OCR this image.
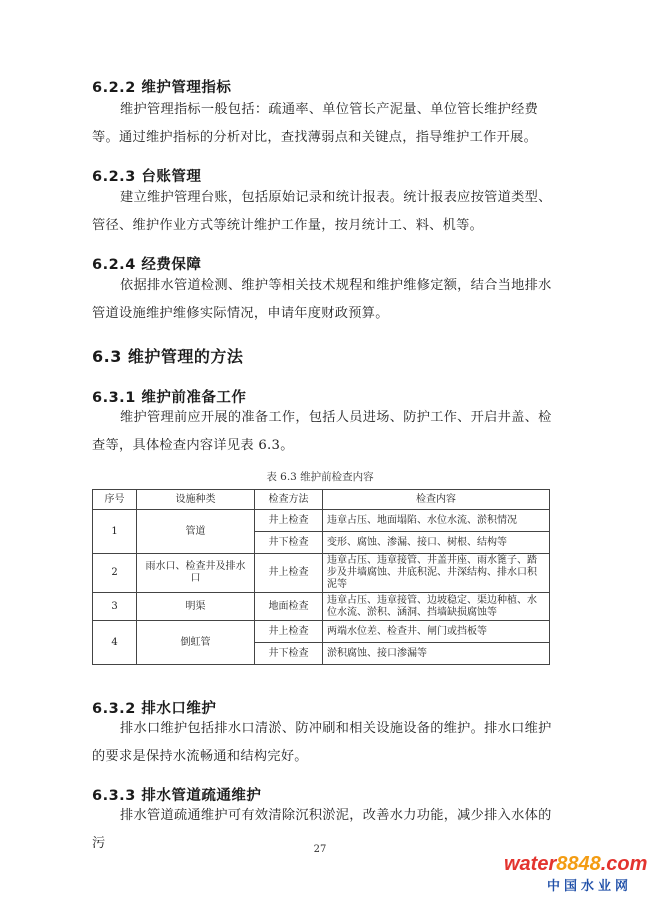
6.2.2 维护管理指标

维护管理指标一般包括：疏通率、单位管长产泥量、单位管长维护经费等。通过维护指标的分析对比，查找薄弱点和关键点，指导维护工作开展。

6.2.3 台账管理

建立维护管理台账，包括原始记录和统计报表。统计报表应按管道类型、管径、维护作业方式等统计维护工作量，按月统计工、料、机等。

6.2.4 经费保障

依据排水管道检测、维护等相关技术规程和维护维修定额，结合当地排水管道设施维护维修实际情况，申请年度财政预算。

6.3 维护管理的方法
6.3.1 维护前准备工作

维护管理前应开展的准备工作，包括人员进场、防护工作、开启井盖、检查等，具体检查内容详见表 6.3。

表 6.3 维护前检查内容
序号	设施种类	检查方法	检查内容
1	管道	井上检查	违章占压、地面塌陷、水位水流、淤积情况
		井下检查	变形、腐蚀、渗漏、接口、树根、结构等
2	雨水口、检查井及排水口	井上检查	违章占压、违章接管、井盖井座、雨水篦子、踏步及井墙腐蚀、井底积泥、井深结构、排水口积泥等
3	明渠	地面检查	违章占压、违章接管、边坡稳定、渠边种植、水位水流、淤积、涵洞、挡墙缺损腐蚀等
4	倒虹管	井上检查	两端水位差、检查井、闸门或挡板等
		井下检查	淤积腐蚀、接口渗漏等
6.3.2 排水口维护

排水口维护包括排水口清淤、防冲刷和相关设施设备的维护。排水口维护的要求是保持水流畅通和结构完好。

6.3.3 排水管道疏通维护

排水管道疏通维护可有效清除沉积淤泥，改善水力功能，减少排入水体的污	27
water8848.com
中国水业网
